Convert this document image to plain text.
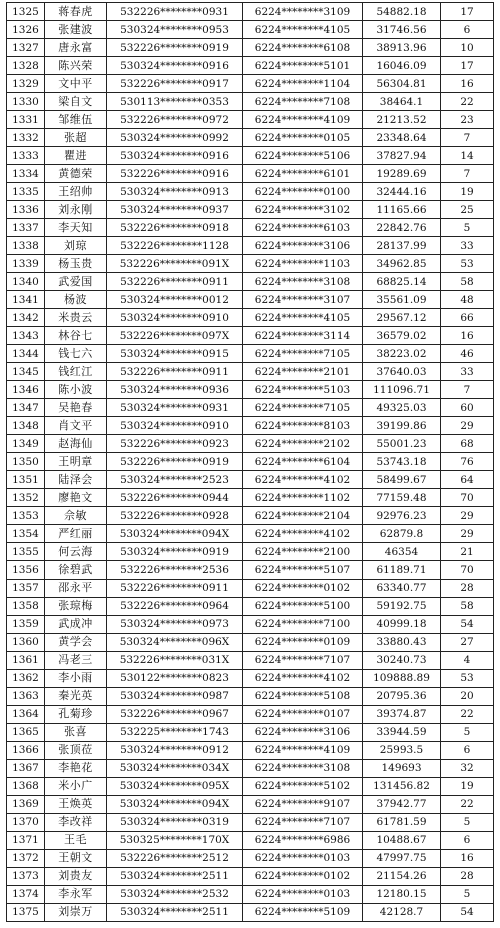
1325	蒋春虎	532226********0931	6224********3109	54882.18	17
1326	张建波	530324********0953	6224********4105	31746.56	6
1327	唐永富	532226********0919	6224********6108	38913.96	10
1328	陈兴荣	530324********0916	6224********5101	16046.09	17
1329	文中平	532226********0917	6224********1104	56304.81	16
1330	梁自文	530113********0353	6224********7108	38464.1	22
1331	邹维伍	532226********0972	6224********4109	21213.52	23
1332	张超	530324********0992	6224********0105	23348.64	7
1333	瞿进	530324********0916	6224********5106	37827.94	14
1334	黄德荣	532226********0916	6224********6101	19289.69	7
1335	王绍帅	530324********0913	6224********0100	32444.16	19
1336	刘永刚	530324********0937	6224********3102	11165.66	25
1337	李天知	532226********0918	6224********6103	22842.76	5
1338	刘琼	532226********1128	6224********3106	28137.99	33
1339	杨玉贵	532226********091X	6224********1103	34962.85	53
1340	武爱国	532226********0911	6224********3108	68825.14	58
1341	杨波	530324********0012	6224********3107	35561.09	48
1342	米贵云	530324********0910	6224********4105	29567.12	66
1343	林谷七	532226********097X	6224********3114	36579.02	16
1344	钱七六	530324********0915	6224********7105	38223.02	46
1345	钱红江	532226********0911	6224********2101	37640.03	33
1346	陈小波	530324********0936	6224********5103	111096.71	7
1347	吴艳春	530324********0931	6224********7105	49325.03	60
1348	肖文平	530324********0910	6224********8103	39199.86	29
1349	赵海仙	532226********0923	6224********2102	55001.23	68
1350	王明章	532226********0919	6224********6104	53743.18	76
1351	陆泽会	530324********2523	6224********4102	58499.67	64
1352	廖艳文	532226********0944	6224********1102	77159.48	70
1353	佘敏	532226********0928	6224********2104	92976.23	29
1354	严红丽	530324********094X	6224********4102	62879.8	29
1355	何云海	530324********0919	6224********2100	46354	21
1356	徐碧武	532226********2536	6224********5107	61189.71	70
1357	邵永平	532226********0911	6224********0102	63340.77	28
1358	张琼梅	532226********0964	6224********5100	59192.75	58
1359	武成冲	530324********0973	6224********7100	40999.18	54
1360	黄学会	530324********096X	6224********0109	33880.43	27
1361	冯老三	532226********031X	6224********7107	30240.73	4
1362	李小雨	530122********0823	6224********4102	109888.89	53
1363	秦光英	530324********0987	6224********5108	20795.36	20
1364	孔菊珍	532226********0967	6224********0107	39374.87	22
1365	张喜	532225********1743	6224********3106	33944.59	5
1366	张顶莅	530324********0912	6224********4109	25993.5	6
1367	李艳花	530324********034X	6224********3108	149693	32
1368	米小广	530324********095X	6224********5102	131456.82	19
1369	王焕英	530324********094X	6224********9107	37942.77	22
1370	李改祥	530324********0319	6224********7107	61781.59	5
1371	王毛	530325********170X	6224********6986	10488.67	6
1372	王朝文	532226********2512	6224********0103	47997.75	16
1373	刘贵友	530324********2511	6224********0102	21154.26	28
1374	李永军	530324********2532	6224********0103	12180.15	5
1375	刘崇万	530324********2511	6224********5109	42128.7	54
